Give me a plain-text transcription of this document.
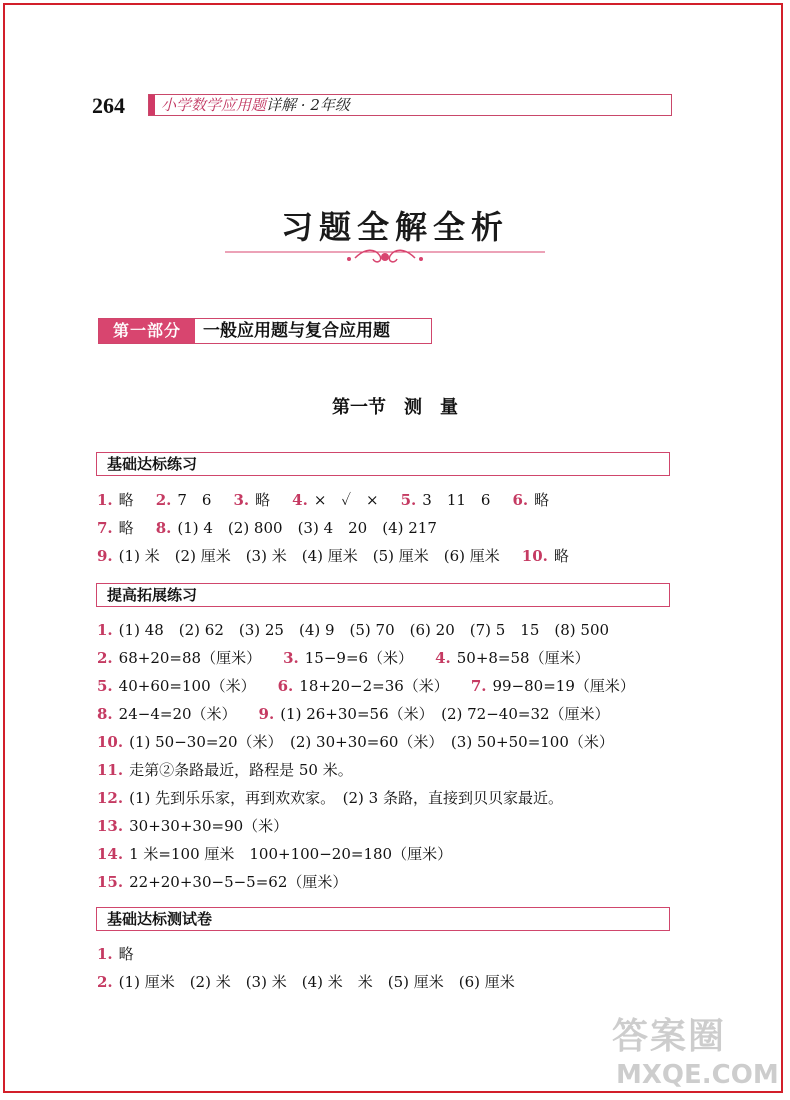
264 小学数学应用题详解 · 2年级
习题全解全析
第一部分	一般应用题与复合应用题
第一节　测　量
基础达标练习
1. 略 2. 7　6 3. 略 4. ×　✓　× 5. 3　11　6 6. 略
7. 略 8. (1) 4　(2) 800　(3) 4　20　(4) 217
9. (1) 米　(2) 厘米　(3) 米　(4) 厘米　(5) 厘米　(6) 厘米 10. 略
提高拓展练习
1. (1) 48　(2) 62　(3) 25　(4) 9　(5) 70　(6) 20　(7) 5　15　(8) 500
2. 68+20=88（厘米） 3. 15−9=6（米） 4. 50+8=58（厘米）
5. 40+60=100（米） 6. 18+20−2=36（米） 7. 99−80=19（厘米）
8. 24−4=20（米） 9. (1) 26+30=56（米）　(2) 72−40=32（厘米）
10. (1) 50−30=20（米）　(2) 30+30=60（米）　(3) 50+50=100（米）
11. 走第②条路最近，路程是 50 米。
12. (1) 先到乐乐家，再到欢欢家。　(2) 3 条路，直接到贝贝家最近。
13. 30+30+30=90（米）
14. 1 米=100 厘米　100+100−20=180（厘米）
15. 22+20+30−5−5=62（厘米）
基础达标测试卷
1. 略
2. (1) 厘米　(2) 米　(3) 米　(4) 米　米　(5) 厘米　(6) 厘米
答案圈
MXQE.COM
